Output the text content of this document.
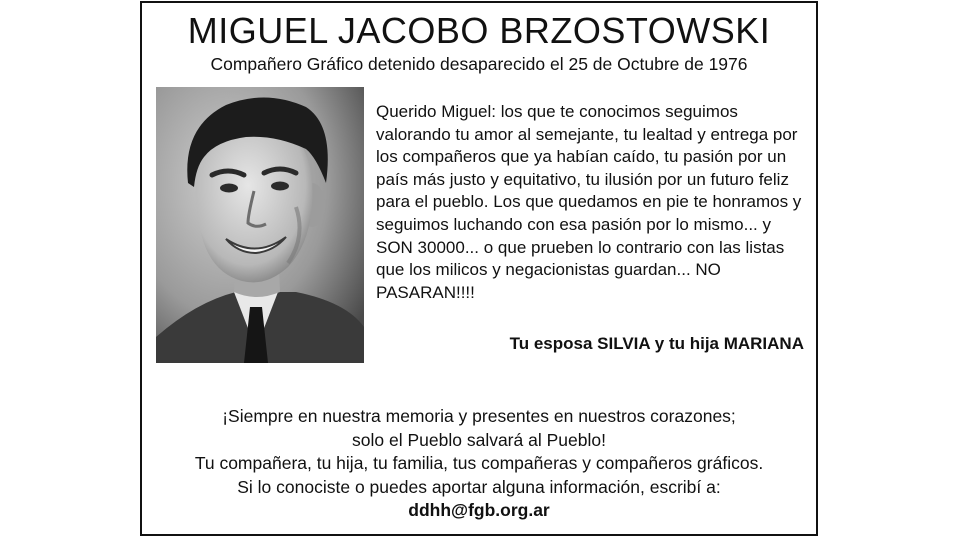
MIGUEL JACOBO BRZOSTOWSKI
Compañero Gráfico detenido desaparecido el 25 de Octubre de 1976
Querido Miguel: los que te conocimos seguimos valorando tu amor al semejante, tu lealtad y entrega por los compañeros que ya habían caído, tu pasión por un país más justo y equitativo, tu ilusión por un futuro feliz para el pueblo. Los que quedamos en pie te honramos y seguimos luchando con esa pasión por lo mismo... y SON 30000... o que prueben lo contrario con las listas que los milicos y negacionistas guardan... NO PASARAN!!!!
Tu esposa SILVIA y tu hija MARIANA
¡Siempre en nuestra memoria y presentes en nuestros corazones;
solo el Pueblo salvará al Pueblo!
Tu compañera, tu hija, tu familia, tus compañeras y compañeros gráficos.
Si lo conociste o puedes aportar alguna información, escribí a:
ddhh@fgb.org.ar
